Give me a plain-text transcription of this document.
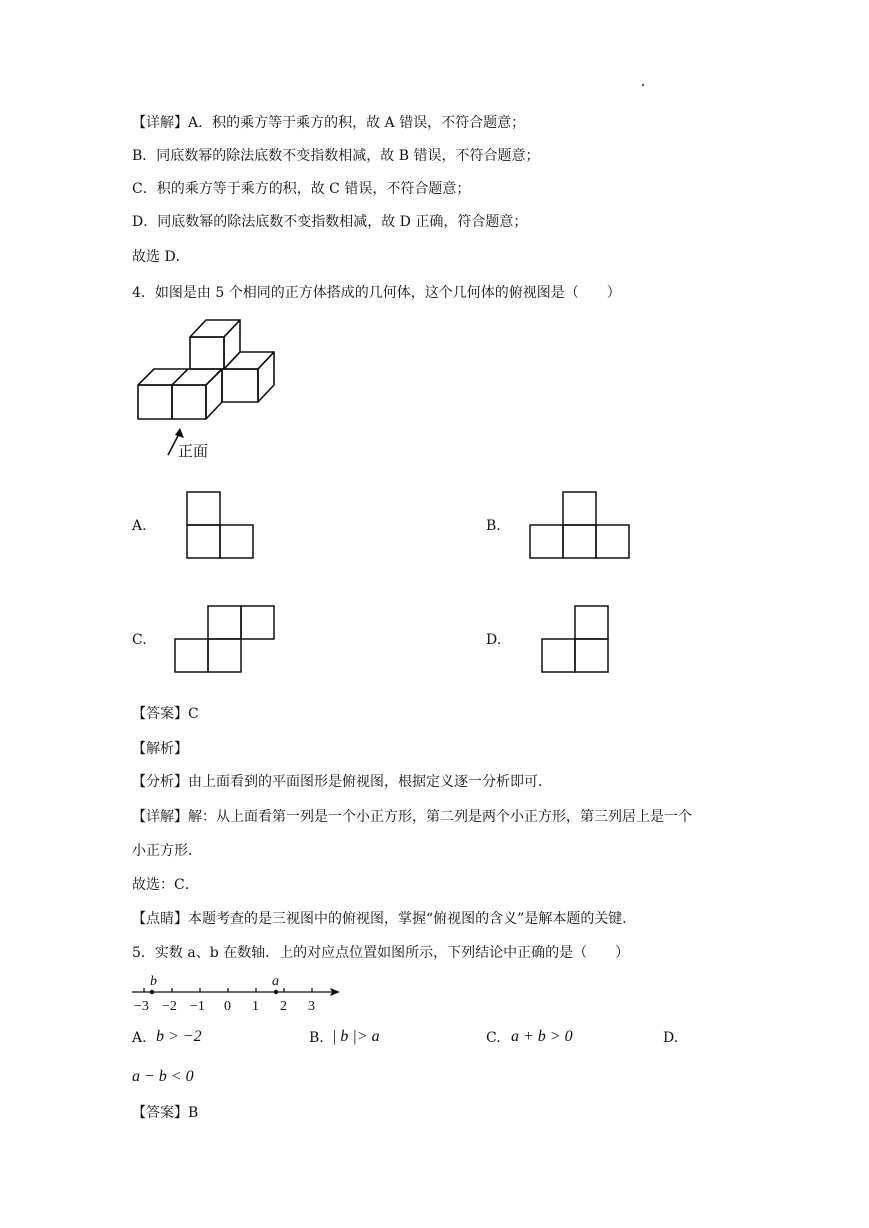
【详解】A．积的乘方等于乘方的积，故 A 错误，不符合题意；
B．同底数幂的除法底数不变指数相减，故 B 错误，不符合题意；
C．积的乘方等于乘方的积，故 C 错误，不符合题意；
D．同底数幂的除法底数不变指数相减，故 D 正确，符合题意；
故选 D．
4．如图是由 5 个相同的正方体搭成的几何体，这个几何体的俯视图是（　　）
正面
A.	B.
C.	D.
【答案】C
【解析】
【分析】由上面看到的平面图形是俯视图，根据定义逐一分析即可．
【详解】解：从上面看第一列是一个小正方形，第二列是两个小正方形，第三列居上是一个
小正方形．
故选：C．
【点睛】本题考查的是三视图中的俯视图，掌握“俯视图的含义”是解本题的关键．
5．实数 a、b 在数轴．上的对应点位置如图所示，下列结论中正确的是（　　）
b	a
−3 −2 −1 0 1 2 3
A. b > −2	B. | b |> a	C. a + b > 0	D.
a − b < 0
【答案】B
